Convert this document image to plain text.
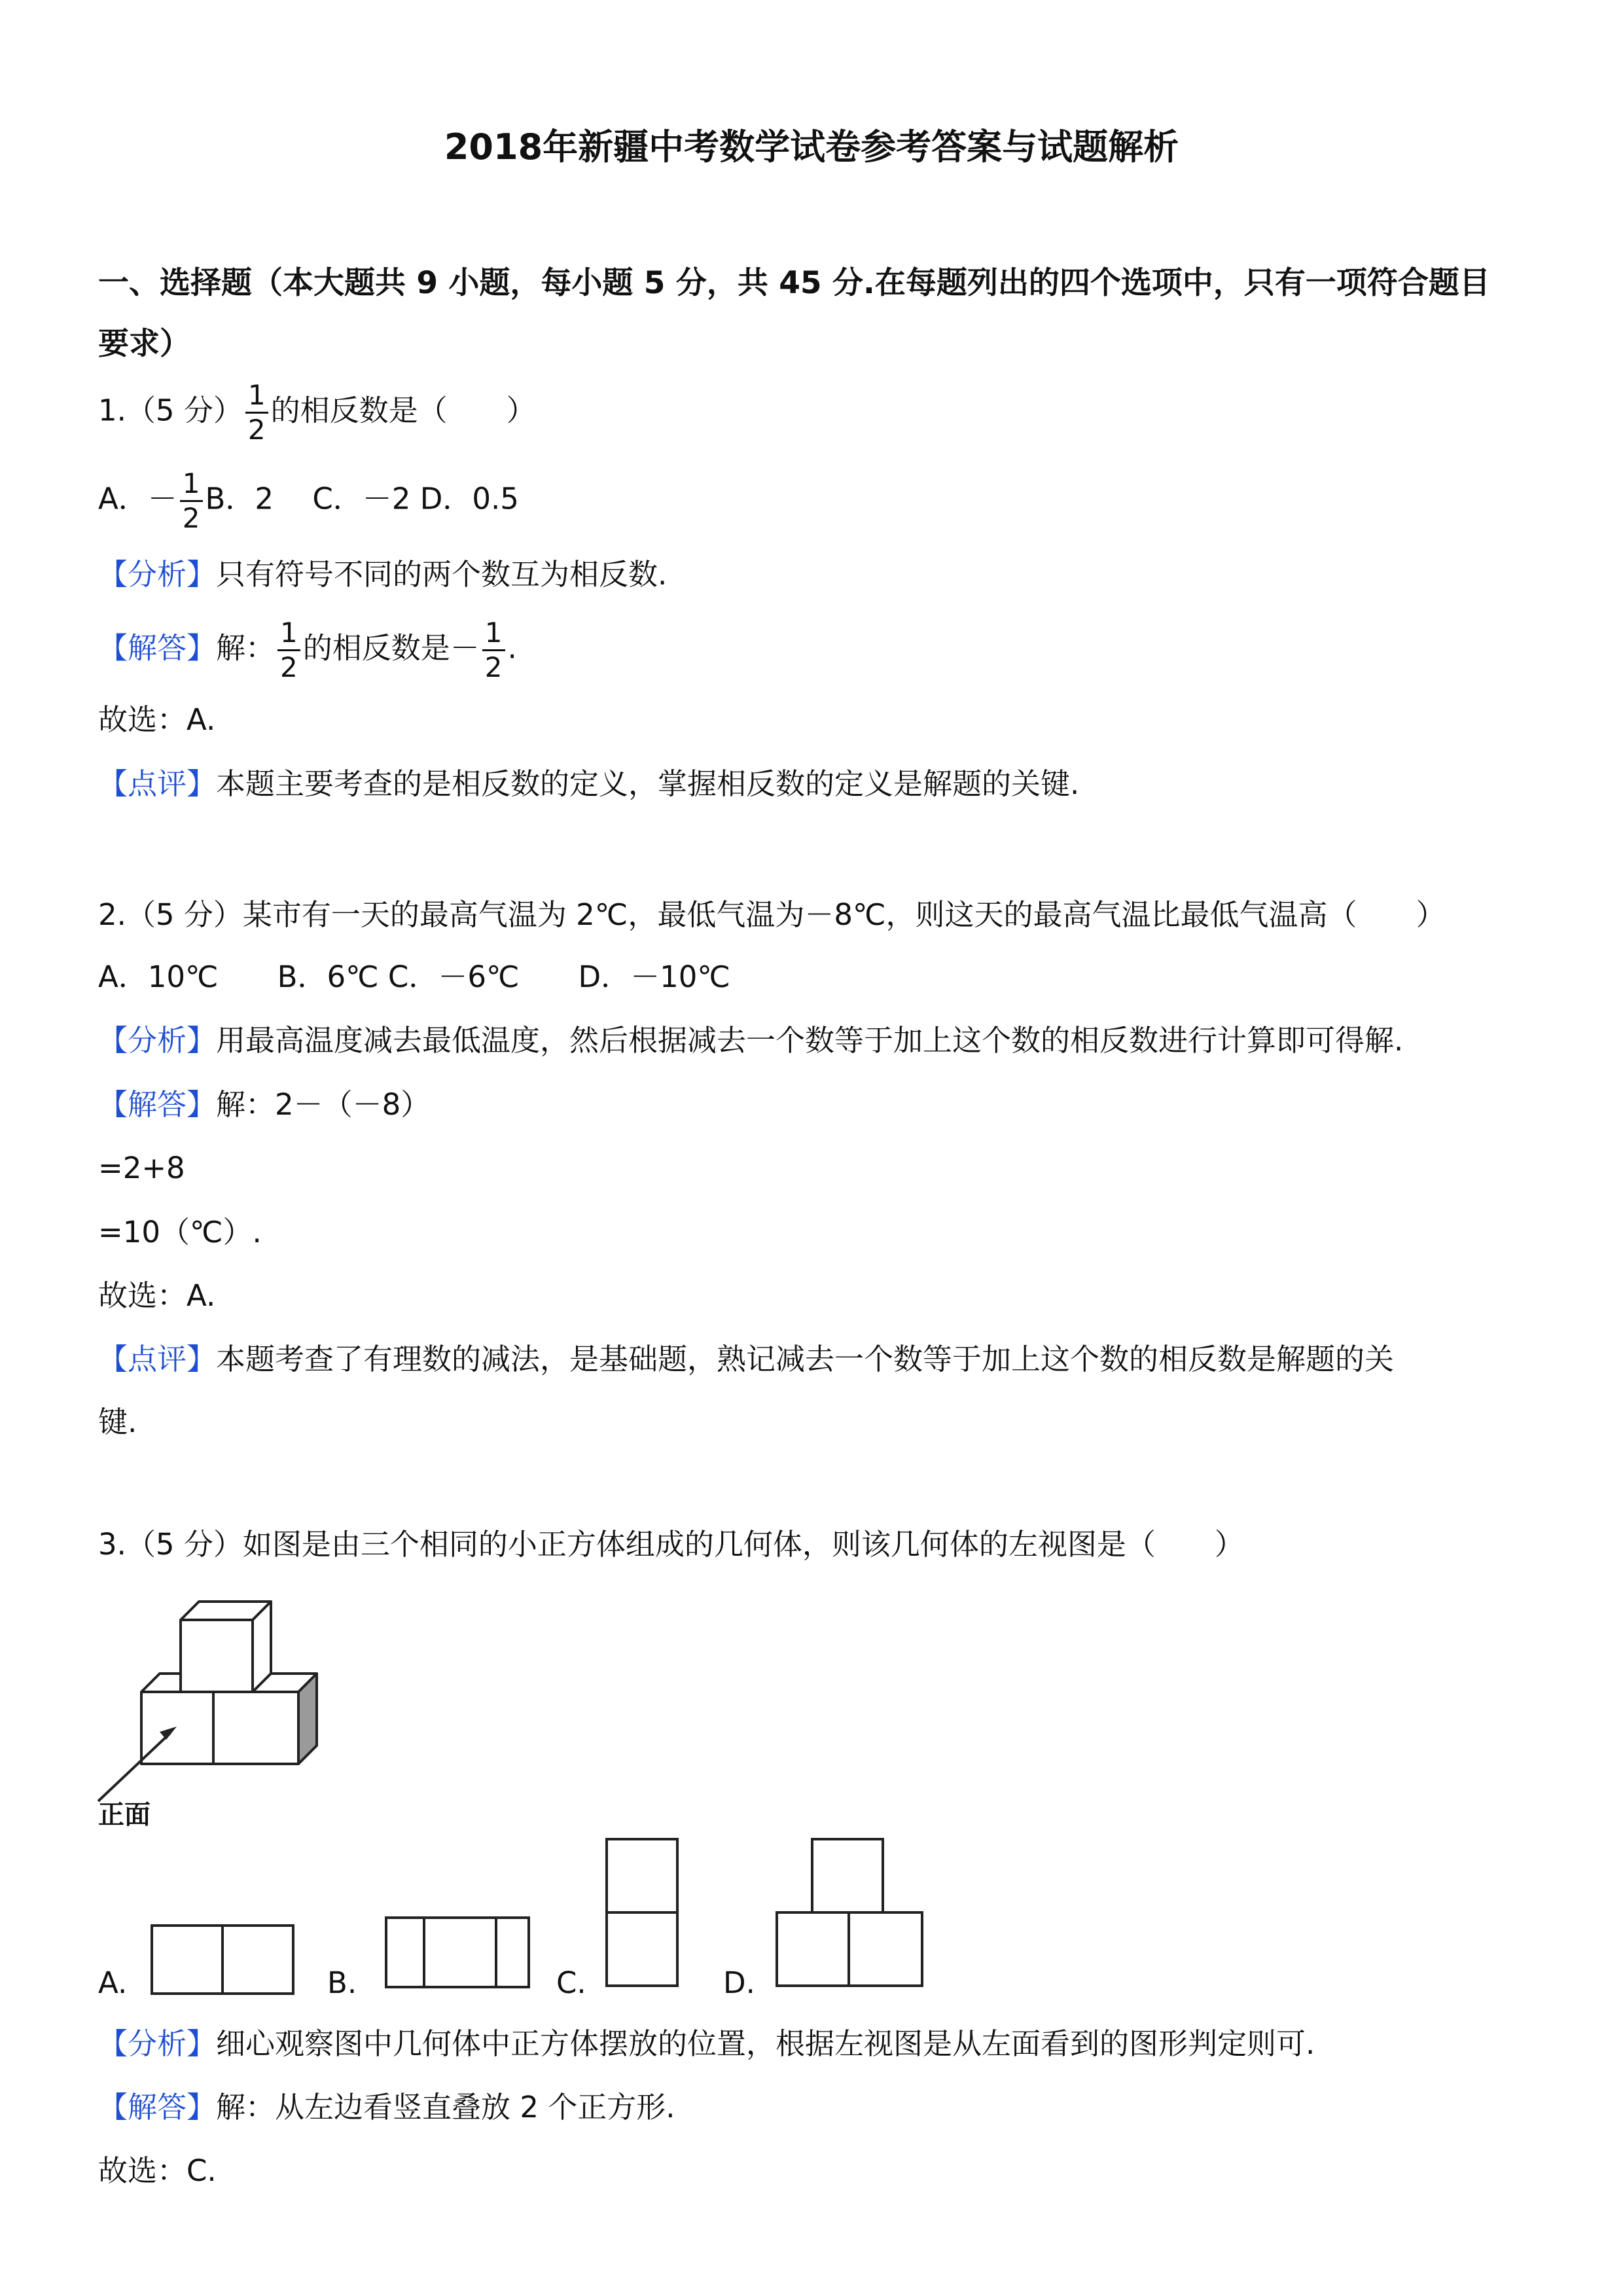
2018年新疆中考数学试卷参考答案与试题解析
一、选择题（本大题共 9 小题，每小题 5 分，共 45 分.在每题列出的四个选项中，只有一项符合题目
要求）
1.（5 分） $\frac{1}{2}$ 的相反数是（　　）
A．－ $\frac{1}{2}$ B．2　 C．－2 D．0.5
【分析】只有符号不同的两个数互为相反数.
【解答】解： $\frac{1}{2}$ 的相反数是－ $\frac{1}{2}$ .
故选：A.
【点评】本题主要考查的是相反数的定义，掌握相反数的定义是解题的关键.
2.（5 分）某市有一天的最高气温为 2℃，最低气温为－8℃，则这天的最高气温比最低气温高（　　）
A．10℃　　B．6℃ C．－6℃　　D．－10℃
【分析】用最高温度减去最低温度，然后根据减去一个数等于加上这个数的相反数进行计算即可得解.
【解答】解：2－（－8）
=2+8
=10（℃）.
故选：A.
【点评】本题考查了有理数的减法，是基础题，熟记减去一个数等于加上这个数的相反数是解题的关
键.
3.（5 分）如图是由三个相同的小正方体组成的几何体，则该几何体的左视图是（　　）
正面
A.	B.	C.	D.
【分析】细心观察图中几何体中正方体摆放的位置，根据左视图是从左面看到的图形判定则可.
【解答】解：从左边看竖直叠放 2 个正方形.
故选：C.
